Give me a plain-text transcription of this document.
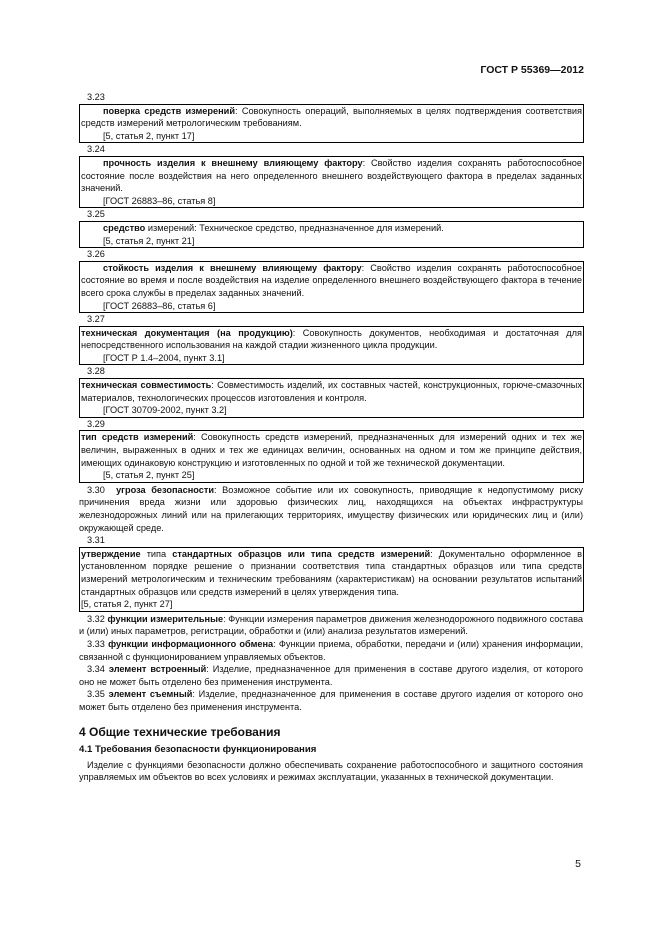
ГОСТ Р 55369—2012
3.23

поверка средств измерений: Совокупность операций, выполняемых в целях подтверждения соответствия средств измерений метрологическим требованиям.

[5, статья 2, пункт 17]

3.24

прочность изделия к внешнему влияющему фактору: Свойство изделия сохранять работоспособное состояние после воздействия на него определенного внешнего воздействующего фактора в пределах заданных значений.

[ГОСТ 26883–86, статья 8]

3.25

средство измерений: Техническое средство, предназначенное для измерений.

[5, статья 2, пункт 21]

3.26

стойкость изделия к внешнему влияющему фактору: Свойство изделия сохранять работоспособное состояние во время и после воздействия на изделие определенного внешнего воздействующего фактора в течение всего срока службы в пределах заданных значений.

[ГОСТ 26883–86, статья 6]

3.27

техническая документация (на продукцию): Совокупность документов, необходимая и достаточная для непосредственного использования на каждой стадии жизненного цикла продукции.

[ГОСТ Р 1.4–2004, пункт 3.1]

3.28

техническая совместимость: Совместимость изделий, их составных частей, конструкционных, горюче-смазочных материалов, технологических процессов изготовления и контроля.

[ГОСТ 30709-2002, пункт 3.2]

3.29

тип средств измерений: Совокупность средств измерений, предназначенных для измерений одних и тех же величин, выраженных в одних и тех же единицах величин, основанных на одном и том же принципе действия, имеющих одинаковую конструкцию и изготовленных по одной и той же технической документации.

[5, статья 2, пункт 25]

3.30 угроза безопасности: Возможное событие или их совокупность, приводящие к недопустимому риску причинения вреда жизни или здоровью физических лиц, находящихся на объектах инфраструктуры железнодорожных линий или на прилегающих территориях, имуществу физических или юридических лиц и (или) окружающей среде.

3.31

утверждение типа стандартных образцов или типа средств измерений: Документально оформленное в установленном порядке решение о признании соответствия типа стандартных образцов или типа средств измерений метрологическим и техническим требованиям (характеристикам) на основании результатов испытаний стандартных образцов или средств измерений в целях утверждения типа.

[5, статья 2, пункт 27]

3.32 функции измерительные: Функции измерения параметров движения железнодорожного подвижного состава и (или) иных параметров, регистрации, обработки и (или) анализа результатов измерений.

3.33 функции информационного обмена: Функции приема, обработки, передачи и (или) хранения информации, связанной с функционированием управляемых объектов.

3.34 элемент встроенный: Изделие, предназначенное для применения в составе другого изделия, от которого оно не может быть отделено без применения инструмента.

3.35 элемент съемный: Изделие, предназначенное для применения в составе другого изделия от которого оно может быть отделено без применения инструмента.

4 Общие технические требования
4.1 Требования безопасности функционирования

Изделие с функциями безопасности должно обеспечивать сохранение работоспособного и защитного состояния управляемых им объектов во всех условиях и режимах эксплуатации, указанных в технической документации.

5
